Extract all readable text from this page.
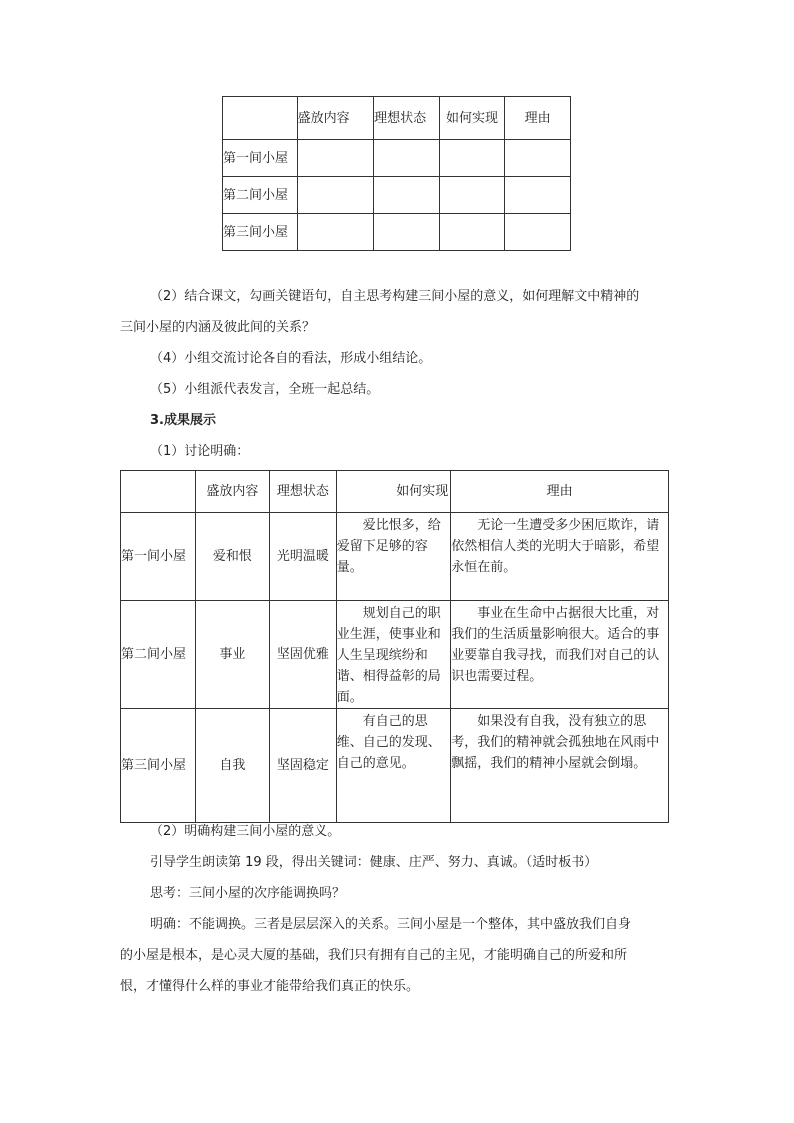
	盛放内容	理想状态	如何实现	理由
第一间小屋				
第二间小屋				
第三间小屋				
（2）结合课文，勾画关键语句，自主思考构建三间小屋的意义，如何理解文中精神的
三间小屋的内涵及彼此间的关系？
（4）小组交流讨论各自的看法，形成小组结论。
（5）小组派代表发言，全班一起总结。
3.成果展示
（1）讨论明确：
	盛放内容	理想状态	如何实现	理由
第一间小屋	爱和恨	光明温暖	爱比恨多，给爱留下足够的容量。	无论一生遭受多少困厄欺诈，请依然相信人类的光明大于暗影，希望永恒在前。
第二间小屋	事业	坚固优雅	规划自己的职业生涯，使事业和人生呈现缤纷和谐、相得益彰的局面。	事业在生命中占据很大比重，对我们的生活质量影响很大。适合的事业要靠自我寻找，而我们对自己的认识也需要过程。
第三间小屋	自我	坚固稳定	有自己的思维、自己的发现、自己的意见。	如果没有自我，没有独立的思考，我们的精神就会孤独地在风雨中飘摇，我们的精神小屋就会倒塌。
（2）明确构建三间小屋的意义。
引导学生朗读第 19 段，得出关键词：健康、庄严、努力、真诚。（适时板书）
思考：三间小屋的次序能调换吗？
明确：不能调换。三者是层层深入的关系。三间小屋是一个整体，其中盛放我们自身
的小屋是根本，是心灵大厦的基础，我们只有拥有自己的主见，才能明确自己的所爱和所
恨，才懂得什么样的事业才能带给我们真正的快乐。
